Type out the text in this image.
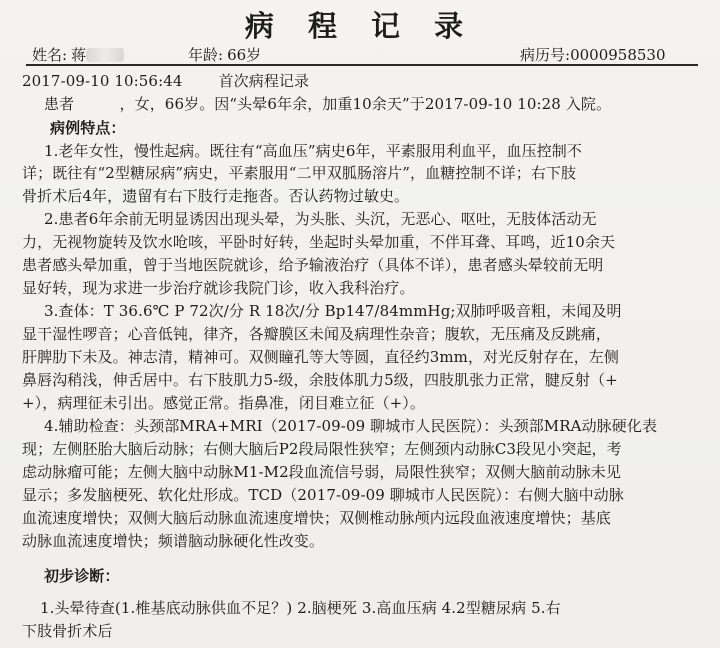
病 程 记 录
姓名: 蒋	年龄: 66岁	病历号:0000958530
2017-09-10 10:56:44 首次病程记录
患者　　　，女，66岁。因“头晕6年余，加重10余天”于2017-09-10 10:28 入院。
病例特点：
1.老年女性，慢性起病。既往有“高血压”病史6年，平素服用利血平，血压控制不
详；既往有“2型糖尿病”病史，平素服用“二甲双胍肠溶片”，血糖控制不详；右下肢
骨折术后4年，遗留有右下肢行走拖沓。否认药物过敏史。
2.患者6年余前无明显诱因出现头晕，为头胀、头沉，无恶心、呕吐，无肢体活动无
力，无视物旋转及饮水呛咳，平卧时好转，坐起时头晕加重，不伴耳聋、耳鸣，近10余天
患者感头晕加重，曾于当地医院就诊，给予输液治疗（具体不详），患者感头晕较前无明
显好转，现为求进一步治疗就诊我院门诊，收入我科治疗。
3.查体：T 36.6℃ P 72次/分 R 18次/分 Bp147/84mmHg;双肺呼吸音粗，未闻及明
显干湿性啰音；心音低钝，律齐，各瓣膜区未闻及病理性杂音；腹软，无压痛及反跳痛，
肝脾肋下未及。神志清，精神可。双侧瞳孔等大等圆，直径约3mm，对光反射存在，左侧
鼻唇沟稍浅，伸舌居中。右下肢肌力5-级，余肢体肌力5级，四肢肌张力正常，腱反射（+
+），病理征未引出。感觉正常。指鼻准，闭目难立征（+）。
4.辅助检查：头颈部MRA+MRI（2017-09-09 聊城市人民医院）：头颈部MRA动脉硬化表
现；左侧胚胎大脑后动脉；右侧大脑后P2段局限性狭窄；左侧颈内动脉C3段见小突起，考
虑动脉瘤可能；左侧大脑中动脉M1-M2段血流信号弱，局限性狭窄；双侧大脑前动脉未见
显示；多发脑梗死、软化灶形成。TCD（2017-09-09 聊城市人民医院）：右侧大脑中动脉
血流速度增快；双侧大脑后动脉血流速度增快；双侧椎动脉颅内远段血液速度增快；基底
动脉血流速度增快；频谱脑动脉硬化性改变。
初步诊断：
1.头晕待查(1.椎基底动脉供血不足？) 2.脑梗死 3.高血压病 4.2型糖尿病 5.右
下肢骨折术后
